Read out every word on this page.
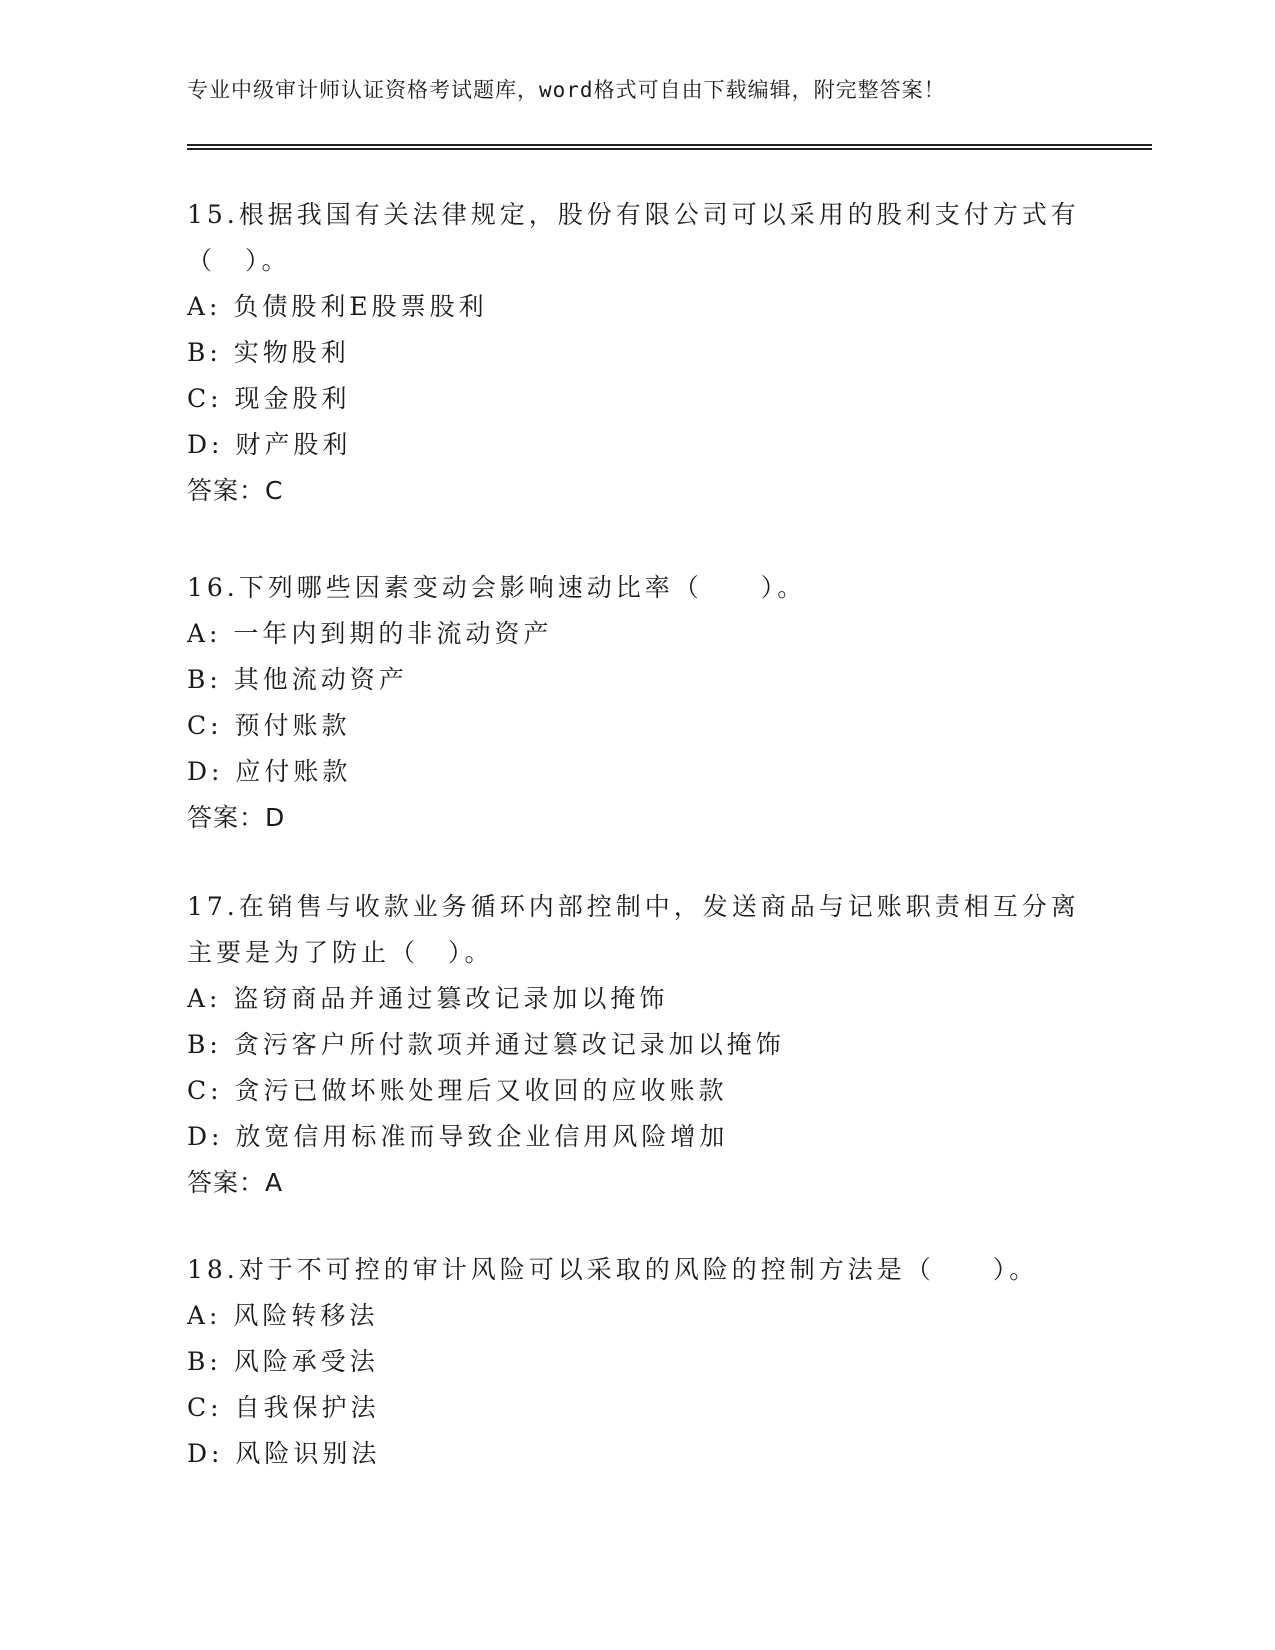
专业中级审计师认证资格考试题库，word格式可自由下载编辑，附完整答案！

15.根据我国有关法律规定，股份有限公司可以采用的股利支付方式有（　）。

A: 负债股利E股票股利

B: 实物股利

C: 现金股利

D: 财产股利

答案：C

16.下列哪些因素变动会影响速动比率（　　）。

A: 一年内到期的非流动资产

B: 其他流动资产

C: 预付账款

D: 应付账款

答案：D

17.在销售与收款业务循环内部控制中，发送商品与记账职责相互分离主要是为了防止（　）。

A: 盗窃商品并通过篡改记录加以掩饰

B: 贪污客户所付款项并通过篡改记录加以掩饰

C: 贪污已做坏账处理后又收回的应收账款

D: 放宽信用标准而导致企业信用风险增加

答案：A

18.对于不可控的审计风险可以采取的风险的控制方法是（　　）。

A: 风险转移法

B: 风险承受法

C: 自我保护法

D: 风险识别法
